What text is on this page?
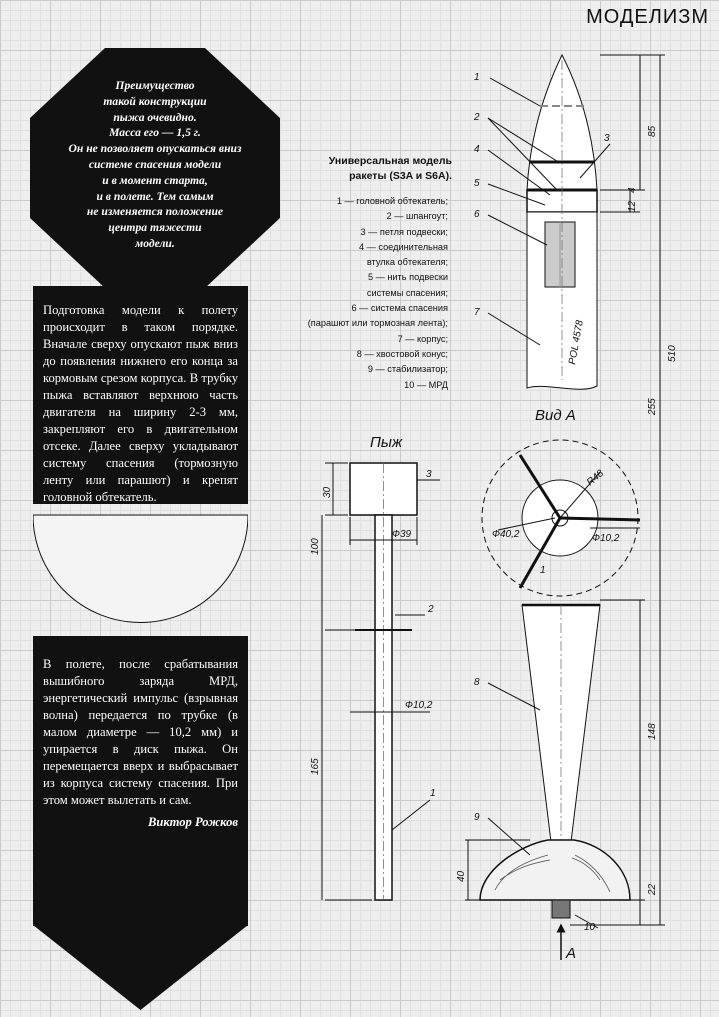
МОДЕЛИЗМ
Преимущество
такой конструкции
пыжа очевидно.
Масса его — 1,5 г.
Он не позволяет опускаться вниз
системе спасения модели
и в момент старта,
и в полете. Тем самым
не изменяется положение
центра тяжести
модели.
Подготовка модели к полету происходит в таком порядке. Вначале сверху опускают пыж вниз до появления нижнего его конца за кормовым срезом корпуса. В трубку пыжа вставляют верхнюю часть двигателя на ширину 2-3 мм, закрепляют его в двигательном отсеке. Далее сверху укладывают систему спасения (тормозную ленту или парашют) и крепят головной обтекатель.
В полете, после срабатывания вышибного заряда МРД, энергетический импульс (взрывная волна) передается по трубке (в малом диаметре — 10,2 мм) и упирается в диск пыжа. Он перемещается вверх и выбрасывает из корпуса систему спасения. При этом может вылетать и сам.
Виктор Рожков
Универсальная модель
ракеты (S3A и S6A).
1 — головной обтекатель;
2 — шпангоут;
3 — петля подвески;
4 — соединительная
втулка обтекателя;
5 — нить подвески
системы спасения;
6 — система спасения
(парашют или тормозная лента);
7 — корпус;
8 — хвостовой конус;
9 — стабилизатор;
10 — МРД
1
2
3
4
5
6
7
8
9
10
POL 4578
Вид А
Пыж
А
85
12
4
510
255
148
22
40
30
100
165
Ф39
Ф10,2
Ф40,2	Ф10,2
R48
1
3
2
1
